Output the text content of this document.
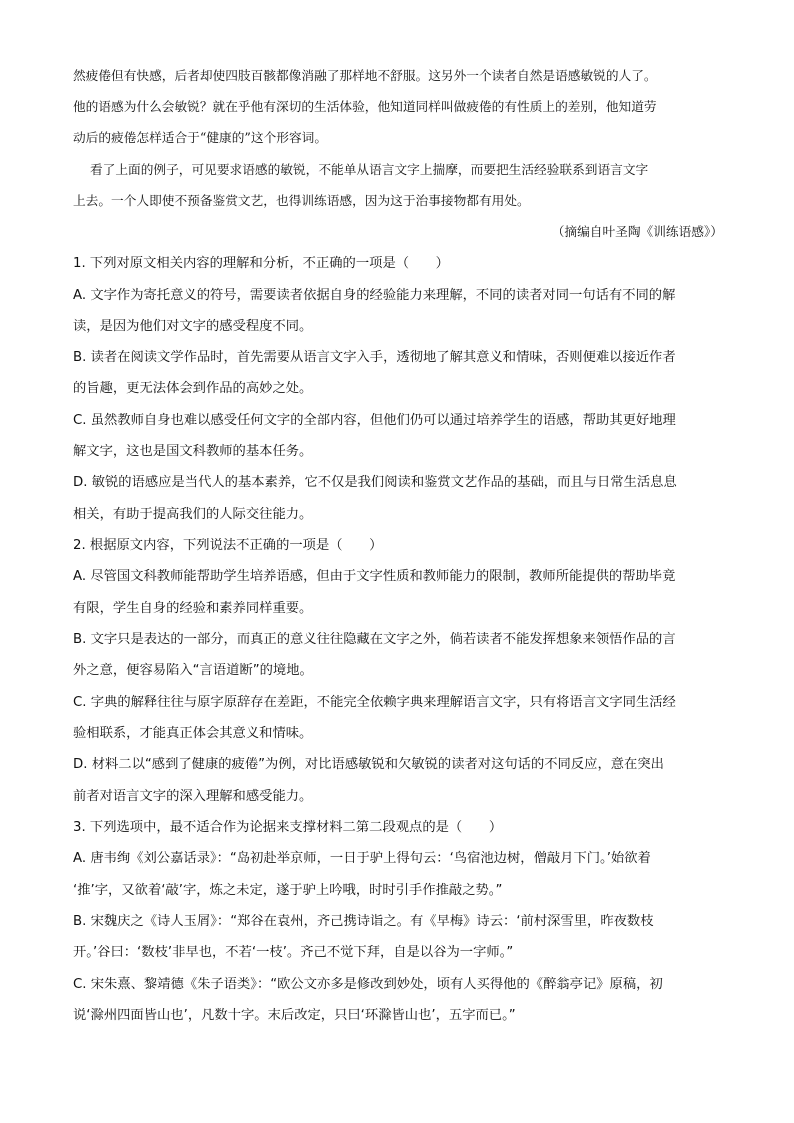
然疲倦但有快感，后者却使四肢百骸都像消融了那样地不舒服。这另外一个读者自然是语感敏锐的人了。
他的语感为什么会敏锐？就在乎他有深切的生活体验，他知道同样叫做疲倦的有性质上的差别，他知道劳
动后的疲倦怎样适合于“健康的”这个形容词。
看了上面的例子，可见要求语感的敏锐，不能单从语言文字上揣摩，而要把生活经验联系到语言文字
上去。一个人即使不预备鉴赏文艺，也得训练语感，因为这于治事接物都有用处。
（摘编自叶圣陶《训练语感》）
1. 下列对原文相关内容的理解和分析，不正确的一项是（　　）
A. 文字作为寄托意义的符号，需要读者依据自身的经验能力来理解，不同的读者对同一句话有不同的解
读，是因为他们对文字的感受程度不同。
B. 读者在阅读文学作品时，首先需要从语言文字入手，透彻地了解其意义和情味，否则便难以接近作者
的旨趣，更无法体会到作品的高妙之处。
C. 虽然教师自身也难以感受任何文字的全部内容，但他们仍可以通过培养学生的语感，帮助其更好地理
解文字，这也是国文科教师的基本任务。
D. 敏锐的语感应是当代人的基本素养，它不仅是我们阅读和鉴赏文艺作品的基础，而且与日常生活息息
相关，有助于提高我们的人际交往能力。
2. 根据原文内容，下列说法不正确的一项是（　　）
A. 尽管国文科教师能帮助学生培养语感，但由于文字性质和教师能力的限制，教师所能提供的帮助毕竟
有限，学生自身的经验和素养同样重要。
B. 文字只是表达的一部分，而真正的意义往往隐藏在文字之外，倘若读者不能发挥想象来领悟作品的言
外之意，便容易陷入“言语道断”的境地。
C. 字典的解释往往与原字原辞存在差距，不能完全依赖字典来理解语言文字，只有将语言文字同生活经
验相联系，才能真正体会其意义和情味。
D. 材料二以“感到了健康的疲倦”为例，对比语感敏锐和欠敏锐的读者对这句话的不同反应，意在突出
前者对语言文字的深入理解和感受能力。
3. 下列选项中，最不适合作为论据来支撑材料二第二段观点的是（　　）
A. 唐韦绚《刘公嘉话录》：“岛初赴举京师，一日于驴上得句云：‘鸟宿池边树，僧敲月下门。’始欲着
‘推’字，又欲着‘敲’字，炼之未定，遂于驴上吟哦，时时引手作推敲之势。”
B. 宋魏庆之《诗人玉屑》：“郑谷在袁州，齐己携诗诣之。有《早梅》诗云：‘前村深雪里，昨夜数枝
开。’谷曰：‘数枝’非早也，不若‘一枝’。齐己不觉下拜，自是以谷为一字师。”
C. 宋朱熹、黎靖德《朱子语类》：“欧公文亦多是修改到妙处，顷有人买得他的《醉翁亭记》原稿，初
说‘滁州四面皆山也’，凡数十字。末后改定，只曰‘环滁皆山也’，五字而已。”
